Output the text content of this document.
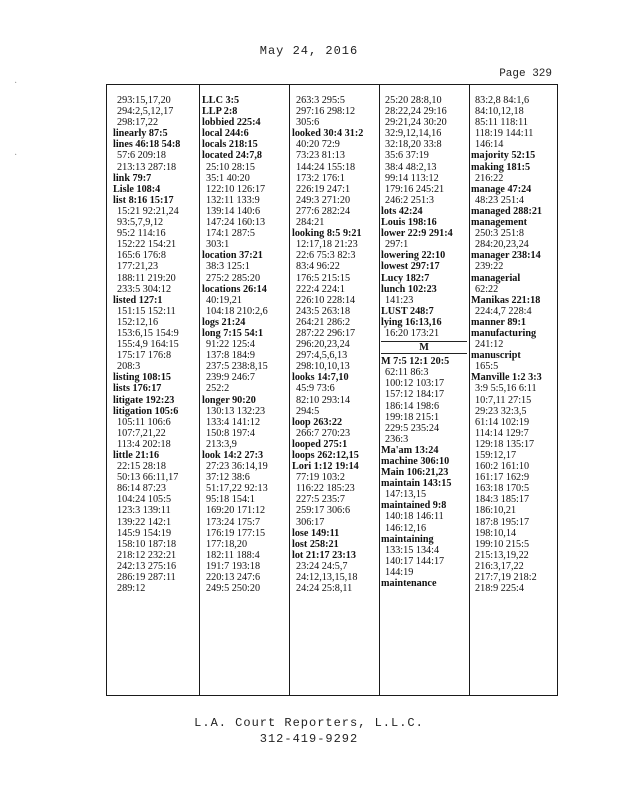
·
·
May 24, 2016
Page 329
293:15,17,20
294:2,5,12,17
298:17,22
linearly 87:5
lines 46:18 54:8
57:6 209:18
213:13 287:18
link 79:7
Lisle 108:4
list 8:16 15:17
15:21 92:21,24
93:5,7,9,12
95:2 114:16
152:22 154:21
165:6 176:8
177:21,23
188:11 219:20
233:5 304:12
listed 127:1
151:15 152:11
152:12,16
153:6,15 154:9
155:4,9 164:15
175:17 176:8
208:3
listing 108:15
lists 176:17
litigate 192:23
litigation 105:6
105:11 106:6
107:7,21,22
113:4 202:18
little 21:16
22:15 28:18
50:13 66:11,17
86:14 87:23
104:24 105:5
123:3 139:11
139:22 142:1
145:9 154:19
158:10 187:18
218:12 232:21
242:13 275:16
286:19 287:11
289:12
LLC 3:5
LLP 2:8
lobbied 225:4
local 244:6
locals 218:15
located 24:7,8
25:10 28:15
35:1 40:20
122:10 126:17
132:11 133:9
139:14 140:6
147:24 160:13
174:1 287:5
303:1
location 37:21
38:3 125:1
275:2 285:20
locations 26:14
40:19,21
104:18 210:2,6
logs 21:24
long 7:15 54:1
91:22 125:4
137:8 184:9
237:5 238:8,15
239:9 246:7
252:2
longer 90:20
130:13 132:23
133:4 141:12
150:8 197:4
213:3,9
look 14:2 27:3
27:23 36:14,19
37:12 38:6
51:17,22 92:13
95:18 154:1
169:20 171:12
173:24 175:7
176:19 177:15
177:18,20
182:11 188:4
191:7 193:18
220:13 247:6
249:5 250:20
263:3 295:5
297:16 298:12
305:6
looked 30:4 31:2
40:20 72:9
73:23 81:13
144:24 155:18
173:2 176:1
226:19 247:1
249:3 271:20
277:6 282:24
284:21
looking 8:5 9:21
12:17,18 21:23
22:6 75:3 82:3
83:4 96:22
176:5 215:15
222:4 224:1
226:10 228:14
243:5 263:18
264:21 286:2
287:22 296:17
296:20,23,24
297:4,5,6,13
298:10,10,13
looks 14:7,10
45:9 73:6
82:10 293:14
294:5
loop 263:22
266:7 270:23
looped 275:1
loops 262:12,15
Lori 1:12 19:14
77:19 103:2
116:22 185:23
227:5 235:7
259:17 306:6
306:17
lose 149:11
lost 258:21
lot 21:17 23:13
23:24 24:5,7
24:12,13,15,18
24:24 25:8,11
25:20 28:8,10
28:22,24 29:16
29:21,24 30:20
32:9,12,14,16
32:18,20 33:8
35:6 37:19
38:4 48:2,13
99:14 113:12
179:16 245:21
246:2 251:3
lots 42:24
Louis 198:16
lower 22:9 291:4
297:1
lowering 22:10
lowest 297:17
Lucy 182:7
lunch 102:23
141:23
LUST 248:7
lying 16:13,16
16:20 173:21
M
M 7:5 12:1 20:5
62:11 86:3
100:12 103:17
157:12 184:17
186:14 198:6
199:18 215:1
229:5 235:24
236:3
Ma'am 13:24
machine 306:10
Main 106:21,23
maintain 143:15
147:13,15
maintained 9:8
140:18 146:11
146:12,16
maintaining
133:15 134:4
140:17 144:17
144:19
maintenance
83:2,8 84:1,6
84:10,12,18
85:11 118:11
118:19 144:11
146:14
majority 52:15
making 181:5
216:22
manage 47:24
48:23 251:4
managed 288:21
management
250:3 251:8
284:20,23,24
manager 238:14
239:22
managerial
62:22
Manikas 221:18
224:4,7 228:4
manner 89:1
manufacturing
241:12
manuscript
165:5
Manville 1:2 3:3
3:9 5:5,16 6:11
10:7,11 27:15
29:23 32:3,5
61:14 102:19
114:14 129:7
129:18 135:17
159:12,17
160:2 161:10
161:17 162:9
163:18 170:5
184:3 185:17
186:10,21
187:8 195:17
198:10,14
199:10 215:5
215:13,19,22
216:3,17,22
217:7,19 218:2
218:9 225:4
L.A. Court Reporters, L.L.C.
312-419-9292
